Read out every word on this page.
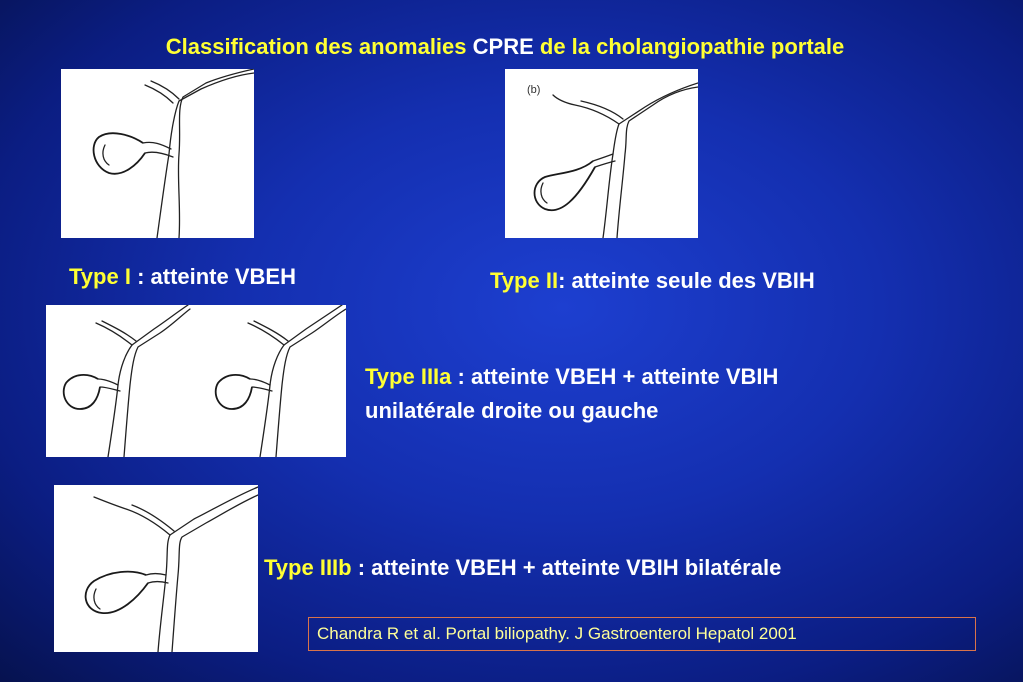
Classification des anomalies CPRE de la cholangiopathie portale
(b)
Type I : atteinte VBEH	Type II: atteinte seule des VBIH
Type IIIa : atteinte VBEH + atteinte VBIH
unilatérale droite ou gauche
Type IIIb : atteinte VBEH + atteinte VBIH bilatérale
Chandra R et al. Portal biliopathy. J Gastroenterol Hepatol 2001
